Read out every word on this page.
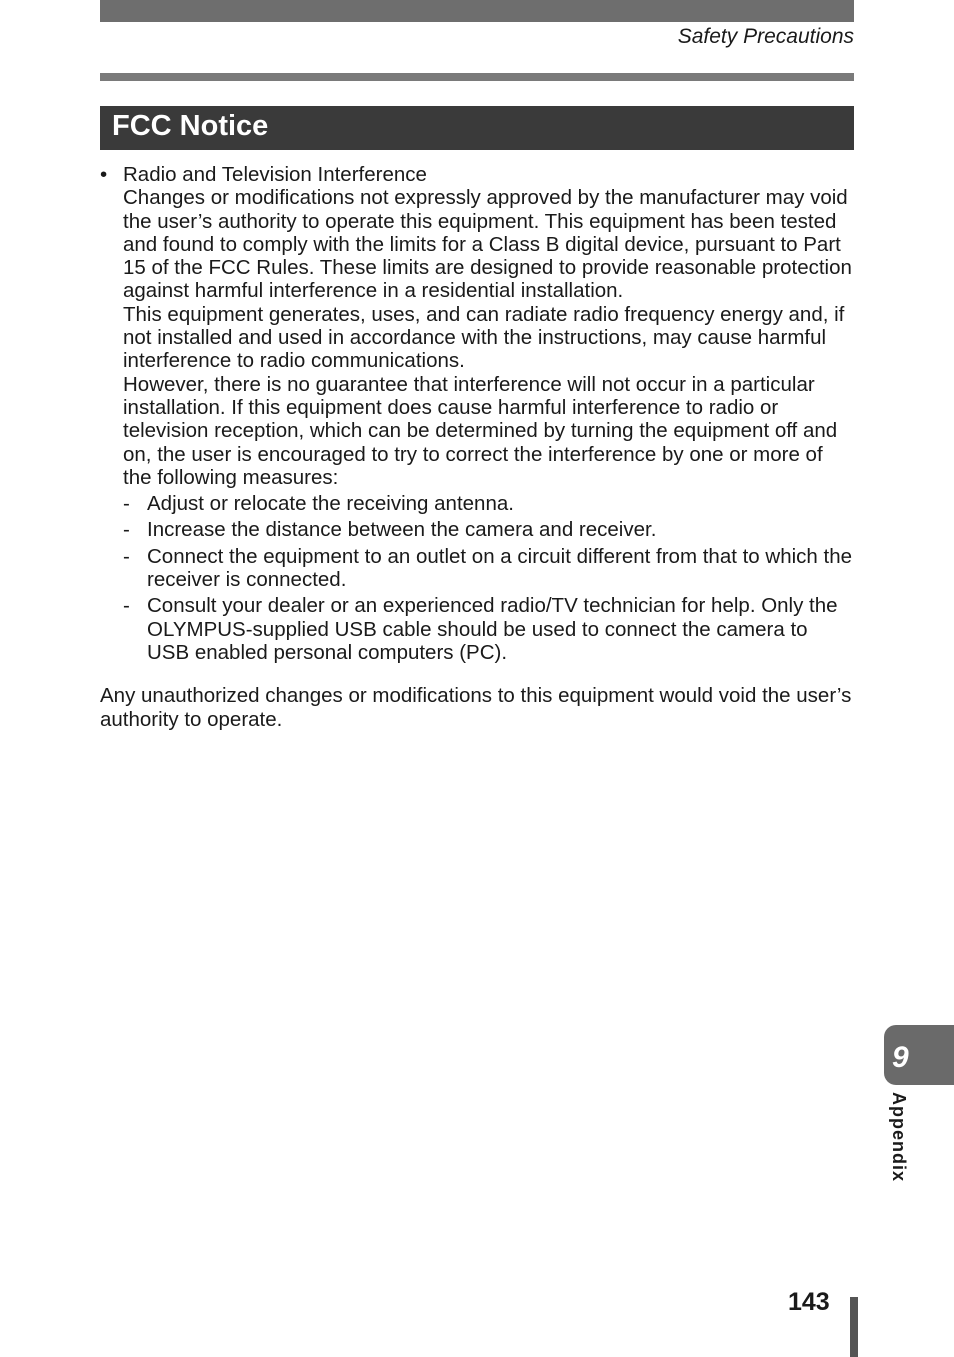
Safety Precautions
FCC Notice
• Radio and Television Interference

Changes or modifications not expressly approved by the manufacturer may void the user’s authority to operate this equipment. This equipment has been tested and found to comply with the limits for a Class B digital device, pursuant to Part 15 of the FCC Rules. These limits are designed to provide reasonable protection against harmful interference in a residential installation.

This equipment generates, uses, and can radiate radio frequency energy and, if not installed and used in accordance with the instructions, may cause harmful interference to radio communications.

However, there is no guarantee that interference will not occur in a particular installation. If this equipment does cause harmful interference to radio or television reception, which can be determined by turning the equipment off and on, the user is encouraged to try to correct the interference by one or more of the following measures:

- Adjust or relocate the receiving antenna.
- Increase the distance between the camera and receiver.
- Connect the equipment to an outlet on a circuit different from that to which the receiver is connected.
- Consult your dealer or an experienced radio/TV technician for help. Only the OLYMPUS-supplied USB cable should be used to connect the camera to USB enabled personal computers (PC).

Any unauthorized changes or modifications to this equipment would void the user’s authority to operate.

9
Appendix
143
